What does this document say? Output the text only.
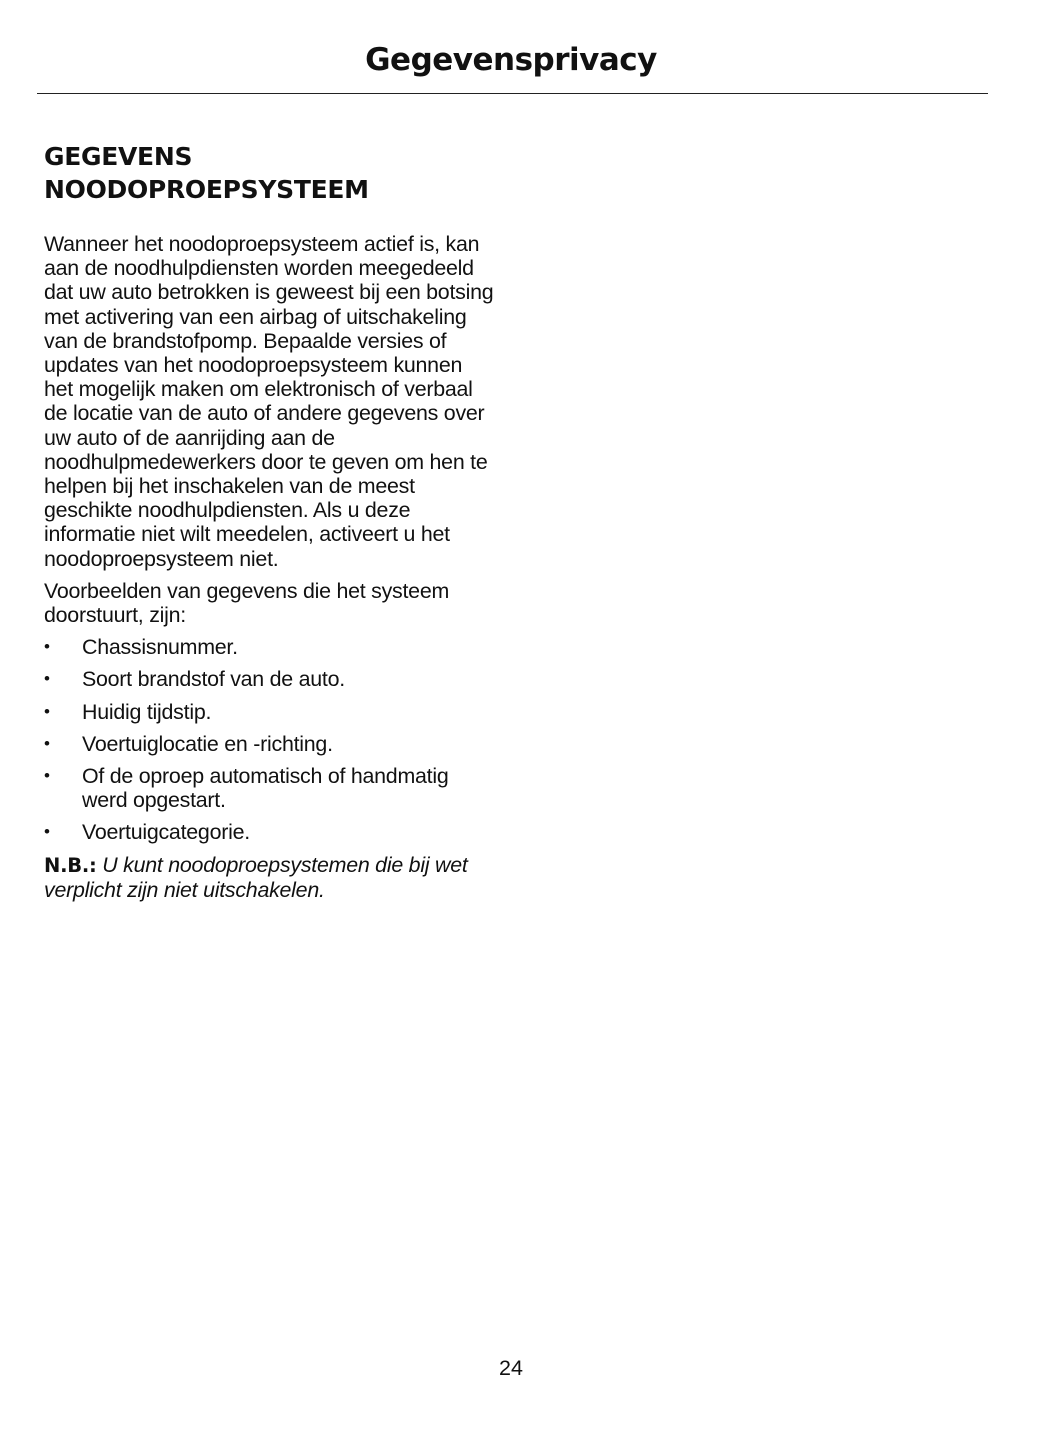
Gegevensprivacy
GEGEVENS
NOODOPROEPSYSTEEM

Wanneer het noodoproepsysteem actief is, kan aan de noodhulpdiensten worden meegedeeld dat uw auto betrokken is geweest bij een botsing met activering van een airbag of uitschakeling van de brandstofpomp. Bepaalde versies of updates van het noodoproepsysteem kunnen het mogelijk maken om elektronisch of verbaal de locatie van de auto of andere gegevens over uw auto of de aanrijding aan de noodhulpmedewerkers door te geven om hen te helpen bij het inschakelen van de meest geschikte noodhulpdiensten. Als u deze informatie niet wilt meedelen, activeert u het noodoproepsysteem niet.

Voorbeelden van gegevens die het systeem doorstuurt, zijn:

• Chassisnummer.
• Soort brandstof van de auto.
• Huidig tijdstip.
• Voertuiglocatie en -richting.
• Of de oproep automatisch of handmatig werd opgestart.
• Voertuigcategorie.

N.B.: U kunt noodoproepsystemen die bij wet verplicht zijn niet uitschakelen.

24
